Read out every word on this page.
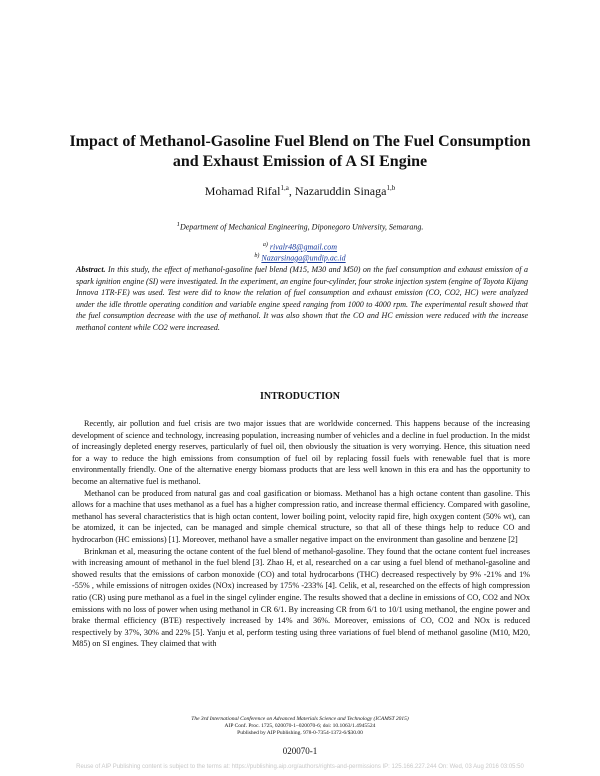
Impact of Methanol-Gasoline Fuel Blend on The Fuel Consumption and Exhaust Emission of A SI Engine
Mohamad Rifal$^{1,a}$, Nazaruddin Sinaga$^{1,b}$
$^1$Department of Mechanical Engineering, Diponegoro University, Semarang.
$^{a)}$ rivalr48@gmail.com
$^{b)}$ Nazarsinaga@undip.ac.id
Abstract. In this study, the effect of methanol-gasoline fuel blend (M15, M30 and M50) on the fuel consumption and exhaust emission of a spark ignition engine (SI) were investigated. In the experiment, an engine four-cylinder, four stroke injection system (engine of Toyota Kijang Innova 1TR-FE) was used. Test were did to know the relation of fuel consumption and exhaust emission (CO, CO2, HC) were analyzed under the idle throttle operating condition and variable engine speed ranging from 1000 to 4000 rpm. The experimental result showed that the fuel consumption decrease with the use of methanol. It was also shown that the CO and HC emission were reduced with the increase methanol content while CO2 were increased.
INTRODUCTION

Recently, air pollution and fuel crisis are two major issues that are worldwide concerned. This happens because of the increasing development of science and technology, increasing population, increasing number of vehicles and a decline in fuel production. In the midst of increasingly depleted energy reserves, particularly of fuel oil, then obviously the situation is very worrying. Hence, this situation need for a way to reduce the high emissions from consumption of fuel oil by replacing fossil fuels with renewable fuel that is more environmentally friendly. One of the alternative energy biomass products that are less well known in this era and has the opportunity to become an alternative fuel is methanol.

Methanol can be produced from natural gas and coal gasification or biomass. Methanol has a high octane content than gasoline. This allows for a machine that uses methanol as a fuel has a higher compression ratio, and increase thermal efficiency. Compared with gasoline, methanol has several characteristics that is high octan content, lower boiling point, velocity rapid fire, high oxygen content (50% wt), can be atomized, it can be injected, can be managed and simple chemical structure, so that all of these things help to reduce CO and hydrocarbon (HC emissions) [1]. Moreover, methanol have a smaller negative impact on the environment than gasoline and benzene [2]

Brinkman et al, measuring the octane content of the fuel blend of methanol-gasoline. They found that the octane content fuel increases with increasing amount of methanol in the fuel blend [3]. Zhao H, et al, researched on a car using a fuel blend of methanol-gasoline and showed results that the emissions of carbon monoxide (CO) and total hydrocarbons (THC) decreased respectively by 9% -21% and 1% -55% , while emissions of nitrogen oxides (NOx) increased by 175% -233% [4]. Celik, et al, researched on the effects of high compression ratio (CR) using pure methanol as a fuel in the singel cylinder engine. The results showed that a decline in emissions of CO, CO2 and NOx emissions with no loss of power when using methanol in CR 6/1. By increasing CR from 6/1 to 10/1 using methanol, the engine power and brake thermal efficiency (BTE) respectively increased by 14% and 36%. Moreover, emissions of CO, CO2 and NOx is reduced respectively by 37%, 30% and 22% [5]. Yanju et al, perform testing using three variations of fuel blend of methanol gasoline (M10, M20, M85) on SI engines. They claimed that with

The 3rd International Conference on Advanced Materials Science and Technology (ICAMST 2015)
AIP Conf. Proc. 1725, 020070-1–020070-6; doi: 10.1063/1.4945524
Published by AIP Publishing. 978-0-7354-1372-6/$30.00
020070-1
Reuse of AIP Publishing content is subject to the terms at: https://publishing.aip.org/authors/rights-and-permissions IP: 125.166.227.244 On: Wed, 03 Aug 2016 03:05:50
